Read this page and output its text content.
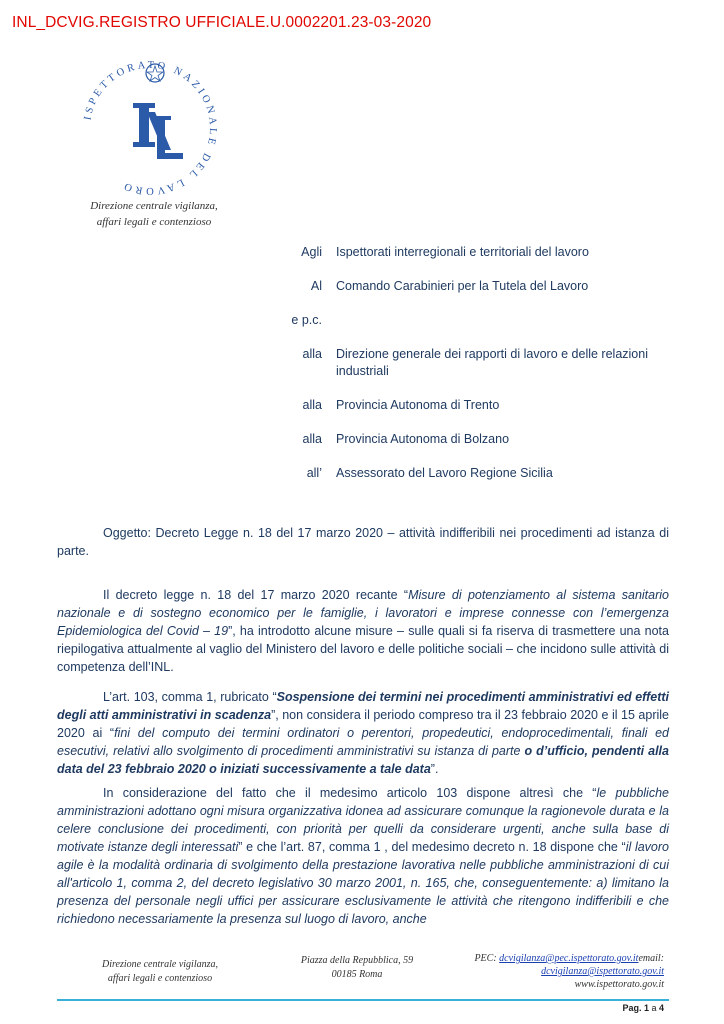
INL_DCVIG.REGISTRO UFFICIALE.U.0002201.23-03-2020
ISPETTORATO NAZIONALE DEL LAVORO
Direzione centrale vigilanza,
affari legali e contenzioso
Agli	Ispettorati interregionali e territoriali del lavoro
Al	Comando Carabinieri per la Tutela del Lavoro
e p.c.
alla	Direzione generale dei rapporti di lavoro e delle relazioni industriali
alla	Provincia Autonoma di Trento
alla	Provincia Autonoma di Bolzano
all’	Assessorato del Lavoro Regione Sicilia

Oggetto: Decreto Legge n. 18 del 17 marzo 2020 – attività indifferibili nei procedimenti ad istanza di parte.

Il decreto legge n. 18 del 17 marzo 2020 recante “Misure di potenziamento al sistema sanitario nazionale e di sostegno economico per le famiglie, i lavoratori e imprese connesse con l’emergenza Epidemiologica del Covid – 19”, ha introdotto alcune misure – sulle quali si fa riserva di trasmettere una nota riepilogativa attualmente al vaglio del Ministero del lavoro e delle politiche sociali – che incidono sulle attività di competenza dell’INL.

L’art. 103, comma 1, rubricato “Sospensione dei termini nei procedimenti amministrativi ed effetti degli atti amministrativi in scadenza”, non considera il periodo compreso tra il 23 febbraio 2020 e il 15 aprile 2020 ai “fini del computo dei termini ordinatori o perentori, propedeutici, endoprocedimentali, finali ed esecutivi, relativi allo svolgimento di procedimenti amministrativi su istanza di parte o d’ufficio, pendenti alla data del 23 febbraio 2020 o iniziati successivamente a tale data”.

In considerazione del fatto che il medesimo articolo 103 dispone altresì che “le pubbliche amministrazioni adottano ogni misura organizzativa idonea ad assicurare comunque la ragionevole durata e la celere conclusione dei procedimenti, con priorità per quelli da considerare urgenti, anche sulla base di motivate istanze degli interessati” e che l’art. 87, comma 1 , del medesimo decreto n. 18 dispone che “il lavoro agile è la modalità ordinaria di svolgimento della prestazione lavorativa nelle pubbliche amministrazioni di cui all'articolo 1, comma 2, del decreto legislativo 30 marzo 2001, n. 165, che, conseguentemente: a) limitano la presenza del personale negli uffici per assicurare esclusivamente le attività che ritengono indifferibili e che richiedono necessariamente la presenza sul luogo di lavoro, anche

Direzione centrale vigilanza,
affari legali e contenzioso
Piazza della Repubblica, 59
00185 Roma
PEC: dcvigilanza@pec.ispettorato.gov.itemail:
dcvigilanza@ispettorato.gov.it
www.ispettorato.gov.it
Pag. 1 a 4
